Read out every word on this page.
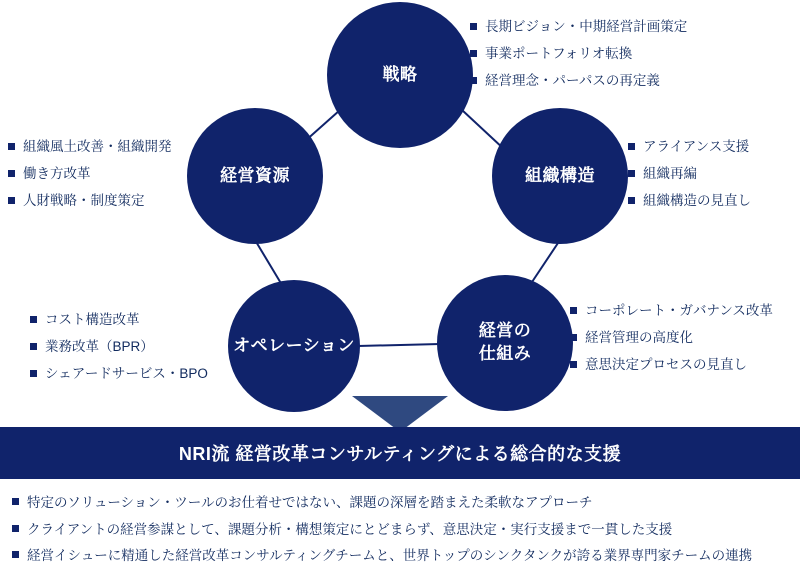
戦略
経営資源	組織構造
オペレーション
経営の
仕組み
長期ビジョン・中期経営計画策定
事業ポートフォリオ転換
経営理念・パーパスの再定義
アライアンス支援
組織再編
組織構造の見直し
組織風土改善・組織開発
働き方改革
人財戦略・制度策定
コスト構造改革
業務改革（BPR）
シェアードサービス・BPO
コーポレート・ガバナンス改革
経営管理の高度化
意思決定プロセスの見直し
NRI流 経営改革コンサルティングによる総合的な支援
特定のソリューション・ツールのお仕着せではない、課題の深層を踏まえた柔軟なアプローチ
クライアントの経営参謀として、課題分析・構想策定にとどまらず、意思決定・実行支援まで一貫した支援
経営イシューに精通した経営改革コンサルティングチームと、世界トップのシンクタンクが誇る業界専門家チームの連携
